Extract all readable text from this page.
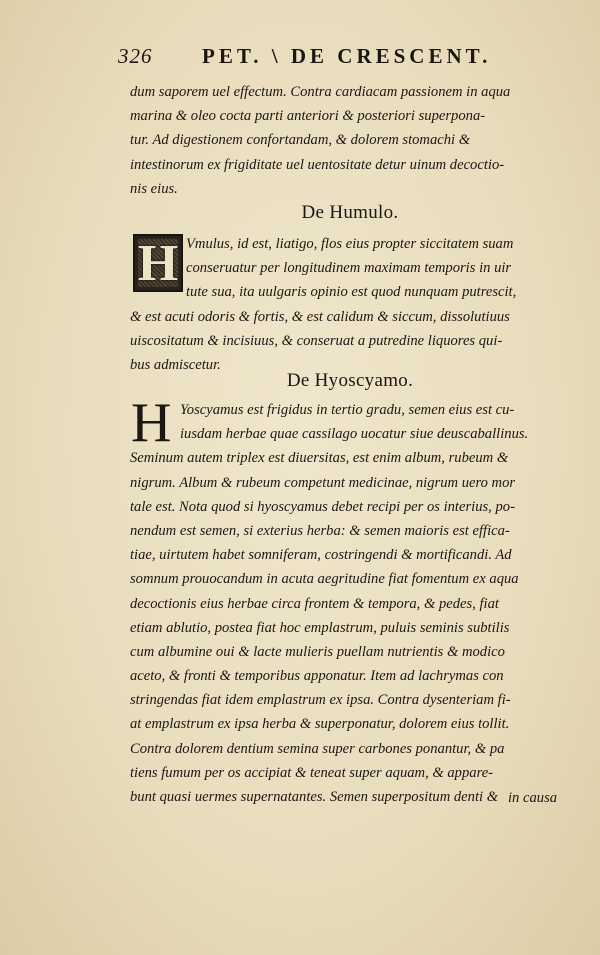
326 PET. \ DE CRESCENT.
dum saporem uel effectum. Contra cardiacam passionem in aqua
marina & oleo cocta parti anteriori & posteriori superpona-
tur. Ad digestionem confortandam, & dolorem stomachi &
intestinorum ex frigiditate uel uentositate detur uinum decoctio-
nis eius.
De Humulo.
H Vmulus, id est, liatigo, flos eius propter siccitatem suam
conseruatur per longitudinem maximam temporis in uir
tute sua, ita uulgaris opinio est quod nunquam putrescit,
& est acuti odoris & fortis, & est calidum & siccum, dissolutiuus
uiscositatum & incisiuus, & conseruat a putredine liquores qui-
bus admiscetur.
De Hyoscyamo.
H Yoscyamus est frigidus in tertio gradu, semen eius est cu-
iusdam herbae quae cassilago uocatur siue deuscaballinus.
Seminum autem triplex est diuersitas, est enim album, rubeum &
nigrum. Album & rubeum competunt medicinae, nigrum uero mor
tale est. Nota quod si hyoscyamus debet recipi per os interius, po-
nendum est semen, si exterius herba: & semen maioris est effica-
tiae, uirtutem habet somniferam, costringendi & mortificandi. Ad
somnum prouocandum in acuta aegritudine fiat fomentum ex aqua
decoctionis eius herbae circa frontem & tempora, & pedes, fiat
etiam ablutio, postea fiat hoc emplastrum, puluis seminis subtilis
cum albumine oui & lacte mulieris puellam nutrientis & modico
aceto, & fronti & temporibus apponatur. Item ad lachrymas con
stringendas fiat idem emplastrum ex ipsa. Contra dysenteriam fi-
at emplastrum ex ipsa herba & superponatur, dolorem eius tollit.
Contra dolorem dentium semina super carbones ponantur, & pa
tiens fumum per os accipiat & teneat super aquam, & appare-
bunt quasi uermes supernatantes. Semen superpositum denti & in causa
